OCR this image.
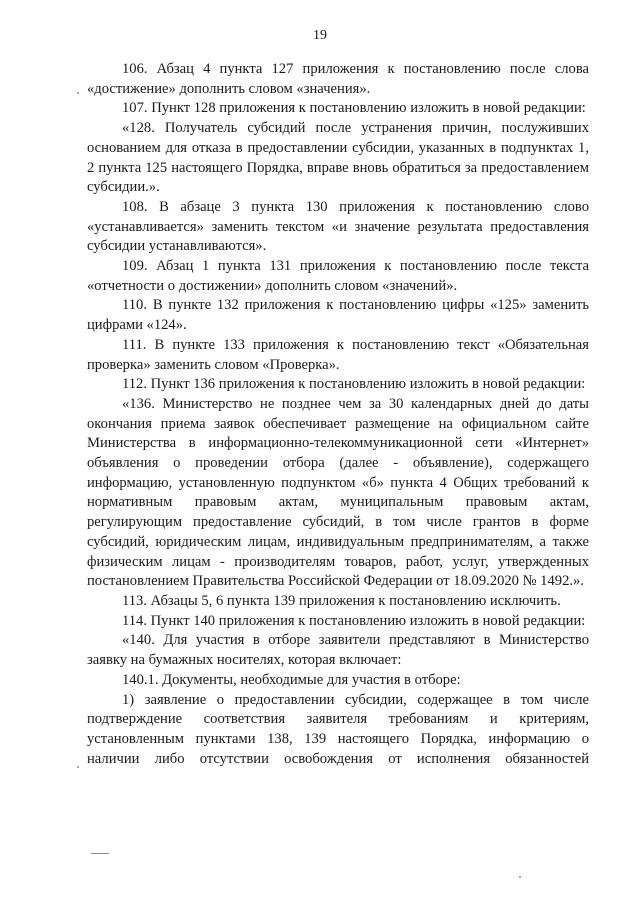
19

106. Абзац 4 пункта 127 приложения к постановлению после слова «достижение» дополнить словом «значения».

107. Пункт 128 приложения к постановлению изложить в новой редакции:

«128. Получатель субсидий после устранения причин, послуживших основанием для отказа в предоставлении субсидии, указанных в подпунктах 1, 2 пункта 125 настоящего Порядка, вправе вновь обратиться за предоставлением субсидии.».

108. В абзаце 3 пункта 130 приложения к постановлению слово «устанавливается» заменить текстом «и значение результата предоставления субсидии устанавливаются».

109. Абзац 1 пункта 131 приложения к постановлению после текста «отчетности о достижении» дополнить словом «значений».

110. В пункте 132 приложения к постановлению цифры «125» заменить цифрами «124».

111. В пункте 133 приложения к постановлению текст «Обязательная проверка» заменить словом «Проверка».

112. Пункт 136 приложения к постановлению изложить в новой редакции:

«136. Министерство не позднее чем за 30 календарных дней до даты окончания приема заявок обеспечивает размещение на официальном сайте Министерства в информационно-телекоммуникационной сети «Интернет» объявления о проведении отбора (далее - объявление), содержащего информацию, установленную подпунктом «б» пункта 4 Общих требований к нормативным правовым актам, муниципальным правовым актам, регулирующим предоставление субсидий, в том числе грантов в форме субсидий, юридическим лицам, индивидуальным предпринимателям, а также физическим лицам - производителям товаров, работ, услуг, утвержденных постановлением Правительства Российской Федерации от 18.09.2020 № 1492.».

113. Абзацы 5, 6 пункта 139 приложения к постановлению исключить.

114. Пункт 140 приложения к постановлению изложить в новой редакции:

«140. Для участия в отборе заявители представляют в Министерство заявку на бумажных носителях, которая включает:

140.1. Документы, необходимые для участия в отборе:

1) заявление о предоставлении субсидии, содержащее в том числе подтверждение соответствия заявителя требованиям и критериям, установленным пунктами 138, 139 настоящего Порядка, информацию о наличии либо отсутствии освобождения от исполнения обязанностей
